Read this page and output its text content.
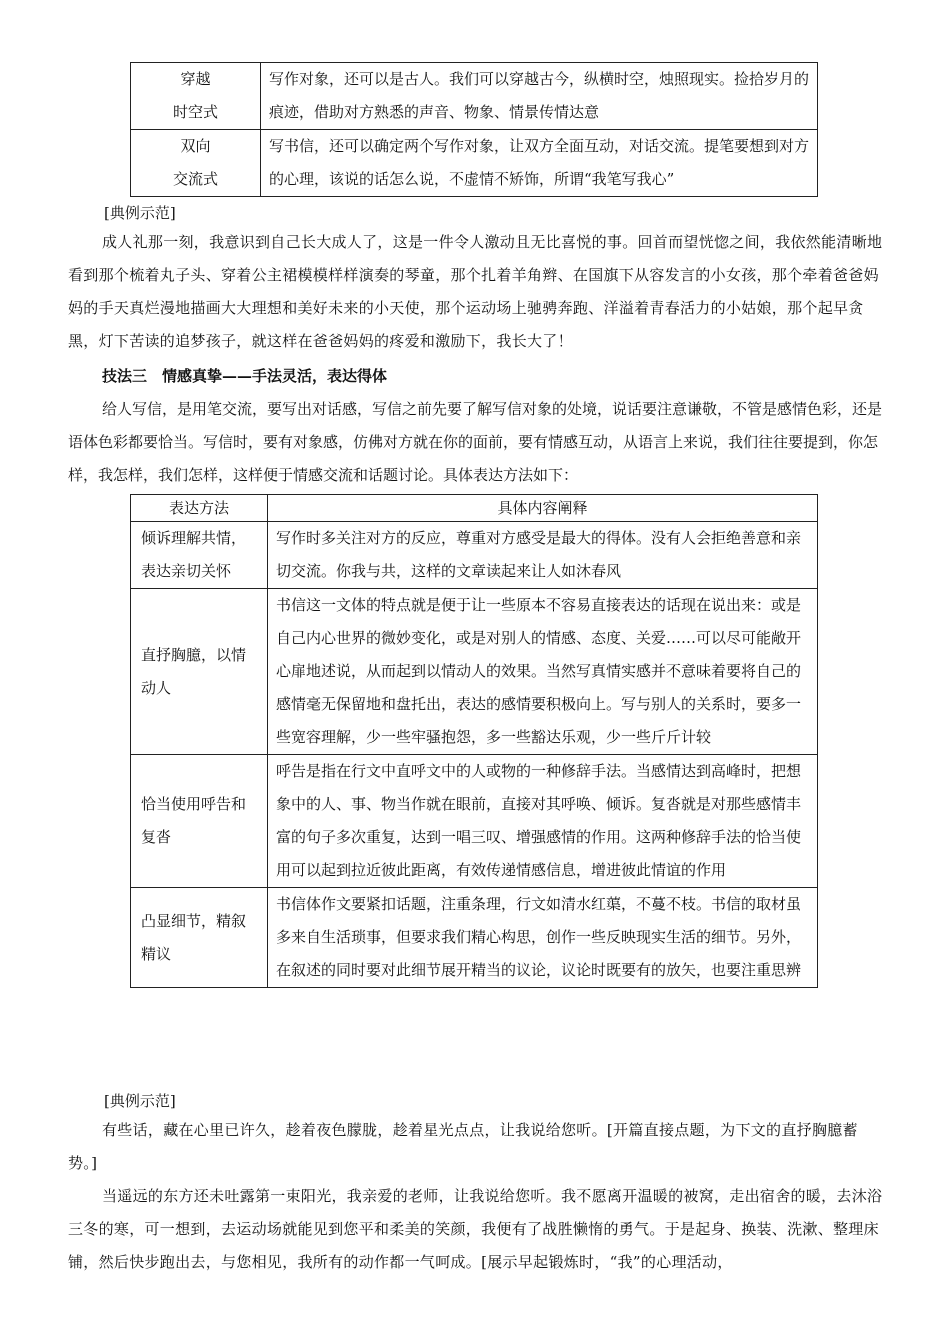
穿越
时空式	写作对象，还可以是古人。我们可以穿越古今，纵横时空，烛照现实。捡拾岁月的痕迹，借助对方熟悉的声音、物象、情景传情达意

双向
交流式	写书信，还可以确定两个写作对象，让双方全面互动，对话交流。提笔要想到对方的心理，该说的话怎么说，不虚情不矫饰，所谓“我笔写我心”
[典例示范]
成人礼那一刻，我意识到自己长大成人了，这是一件令人激动且无比喜悦的事。回首而望恍惚之间，我依然能清晰地看到那个梳着丸子头、穿着公主裙模模样样演奏的琴童，那个扎着羊角辫、在国旗下从容发言的小女孩，那个牵着爸爸妈妈的手天真烂漫地描画大大理想和美好未来的小天使，那个运动场上驰骋奔跑、洋溢着青春活力的小姑娘，那个起早贪黑，灯下苦读的追梦孩子，就这样在爸爸妈妈的疼爱和激励下，我长大了！
技法三　情感真挚——手法灵活，表达得体
给人写信，是用笔交流，要写出对话感，写信之前先要了解写信对象的处境，说话要注意谦敬，不管是感情色彩，还是语体色彩都要恰当。写信时，要有对象感，仿佛对方就在你的面前，要有情感互动，从语言上来说，我们往往要提到，你怎样，我怎样，我们怎样，这样便于情感交流和话题讨论。具体表达方法如下：
表达方法	具体内容阐释
倾诉理解共情，表达亲切关怀	写作时多关注对方的反应，尊重对方感受是最大的得体。没有人会拒绝善意和亲切交流。你我与共，这样的文章读起来让人如沐春风
直抒胸臆，以情动人	书信这一文体的特点就是便于让一些原本不容易直接表达的话现在说出来：或是自己内心世界的微妙变化，或是对别人的情感、态度、关爱……可以尽可能敞开心扉地述说，从而起到以情动人的效果。当然写真情实感并不意味着要将自己的感情毫无保留地和盘托出，表达的感情要积极向上。写与别人的关系时，要多一些宽容理解，少一些牢骚抱怨，多一些豁达乐观，少一些斤斤计较
恰当使用呼告和复沓	呼告是指在行文中直呼文中的人或物的一种修辞手法。当感情达到高峰时，把想象中的人、事、物当作就在眼前，直接对其呼唤、倾诉。复沓就是对那些感情丰富的句子多次重复，达到一唱三叹、增强感情的作用。这两种修辞手法的恰当使用可以起到拉近彼此距离，有效传递情感信息，增进彼此情谊的作用
凸显细节，精叙精议	书信体作文要紧扣话题，注重条理，行文如清水红蕖，不蔓不枝。书信的取材虽多来自生活琐事，但要求我们精心构思，创作一些反映现实生活的细节。另外，在叙述的同时要对此细节展开精当的议论，议论时既要有的放矢，也要注重思辨
[典例示范]
有些话，藏在心里已许久，趁着夜色朦胧，趁着星光点点，让我说给您听。[开篇直接点题，为下文的直抒胸臆蓄势。]
当遥远的东方还未吐露第一束阳光，我亲爱的老师，让我说给您听。我不愿离开温暖的被窝，走出宿舍的暖，去沐浴三冬的寒，可一想到，去运动场就能见到您平和柔美的笑颜，我便有了战胜懒惰的勇气。于是起身、换装、洗漱、整理床铺，然后快步跑出去，与您相见，我所有的动作都一气呵成。[展示早起锻炼时，“我”的心理活动，
